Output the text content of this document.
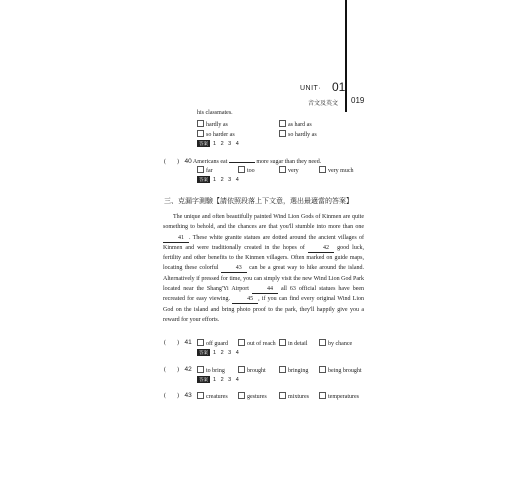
UNIT· 01
音文及英文 019
his classmates.
hardly as	as hard as
so harder as	so hardly as
答案 1 2 3 4
( ) 40 Americans eat	more sugar than they need.
far	too	very	very much
答案 1 2 3 4
三、克漏字測驗【請依照段落上下文意，選出最適當的答案】

The unique and often beautifully painted Wind Lion Gods of Kinmen are quite something to behold, and the chances are that you'll stumble into more than one 41 . These white granite statues are dotted around the ancient villages of Kinmen and were traditionally created in the hopes of	42 good luck, fertility and other benefits to the Kinmen villagers. Often marked on guide maps, locating these colorful	43 can be a great way to hike around the island. Alternatively if pressed for time, you can simply visit the new Wind Lion God Park located near the Shang'Yi Airport	44 all 63 official statues have been recreated for easy viewing.	45 , if you can find every original Wind Lion God on the island and bring photo proof to the park, they'll happily give you a reward for your efforts.

( ) 41	off guard	out of reach	in detail	by chance
答案 1 2 3 4
( ) 42	to bring	brought	bringing	being brought
答案 1 2 3 4
( ) 43	creatures	gestures	mixtures	temperatures
